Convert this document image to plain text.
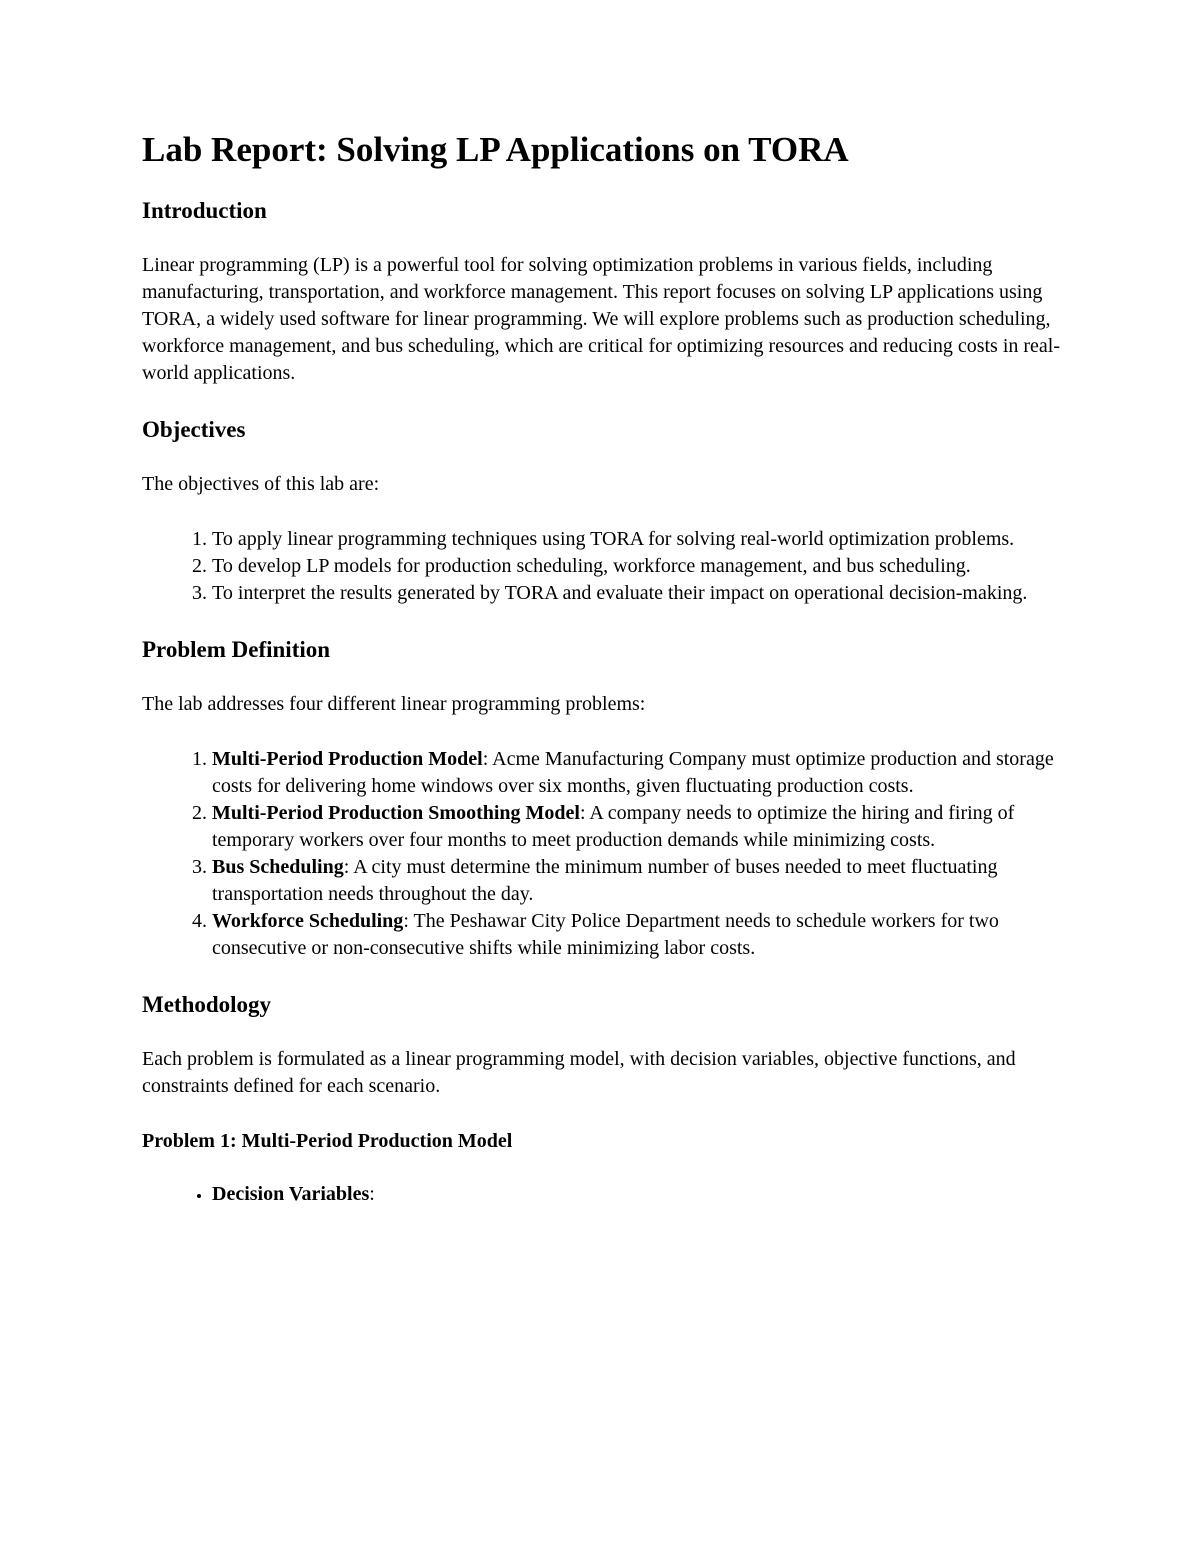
Lab Report: Solving LP Applications on TORA
Introduction

Linear programming (LP) is a powerful tool for solving optimization problems in various fields, including manufacturing, transportation, and workforce management. This report focuses on solving LP applications using TORA, a widely used software for linear programming. We will explore problems such as production scheduling, workforce management, and bus scheduling, which are critical for optimizing resources and reducing costs in real-world applications.

Objectives

The objectives of this lab are:

1. To apply linear programming techniques using TORA for solving real-world optimization problems.
2. To develop LP models for production scheduling, workforce management, and bus scheduling.
3. To interpret the results generated by TORA and evaluate their impact on operational decision-making.
Problem Definition

The lab addresses four different linear programming problems:

1. Multi-Period Production Model: Acme Manufacturing Company must optimize production and storage costs for delivering home windows over six months, given fluctuating production costs.
2. Multi-Period Production Smoothing Model: A company needs to optimize the hiring and firing of temporary workers over four months to meet production demands while minimizing costs.
3. Bus Scheduling: A city must determine the minimum number of buses needed to meet fluctuating transportation needs throughout the day.
4. Workforce Scheduling: The Peshawar City Police Department needs to schedule workers for two consecutive or non-consecutive shifts while minimizing labor costs.
Methodology

Each problem is formulated as a linear programming model, with decision variables, objective functions, and constraints defined for each scenario.

Problem 1: Multi-Period Production Model
• Decision Variables:
